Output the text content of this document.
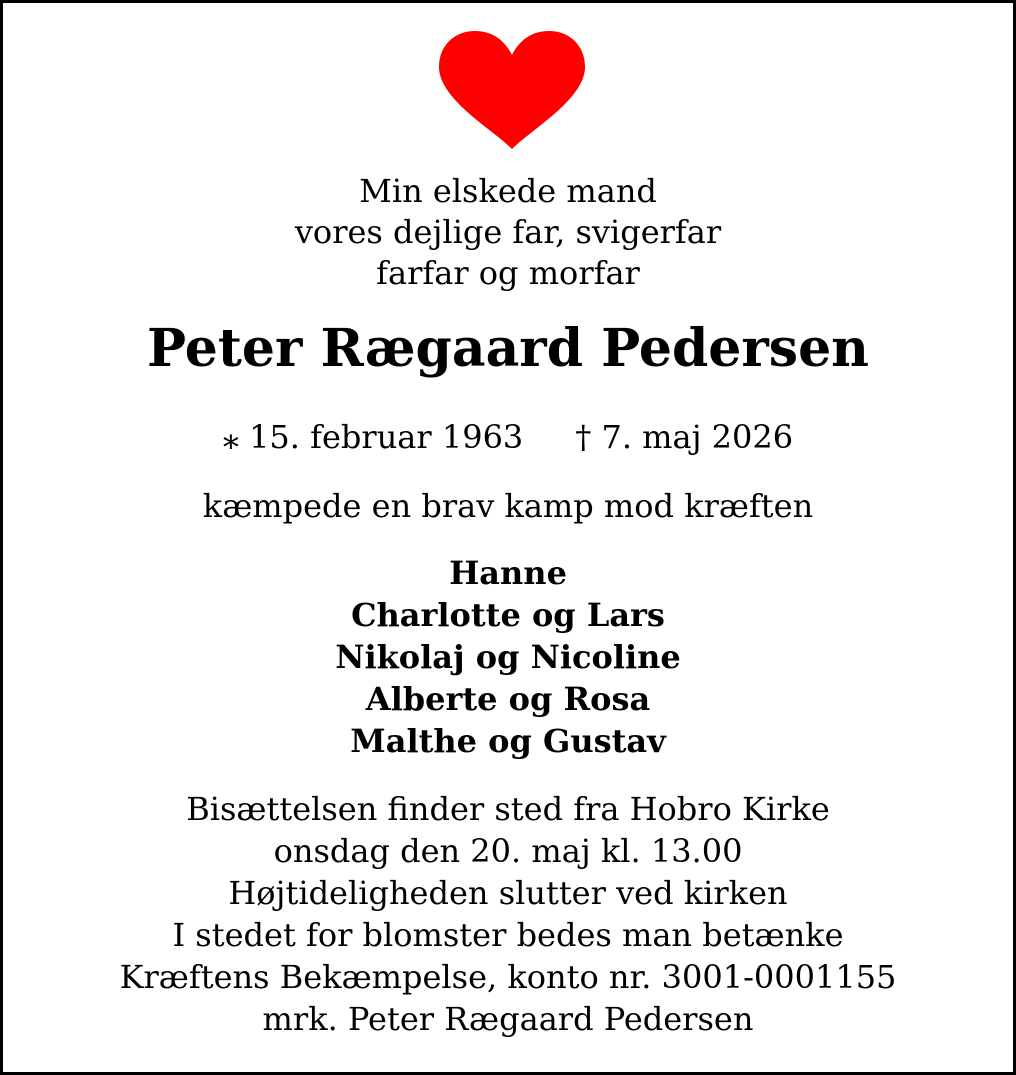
Min elskede mand
vores dejlige far, svigerfar
farfar og morfar
Peter Rægaard Pedersen
⁎ 15. februar 1963 † 7. maj 2026
kæmpede en brav kamp mod kræften
Hanne
Charlotte og Lars
Nikolaj og Nicoline
Alberte og Rosa
Malthe og Gustav
Bisættelsen finder sted fra Hobro Kirke
onsdag den 20. maj kl. 13.00
Højtideligheden slutter ved kirken
I stedet for blomster bedes man betænke
Kræftens Bekæmpelse, konto nr. 3001-0001155
mrk. Peter Rægaard Pedersen
